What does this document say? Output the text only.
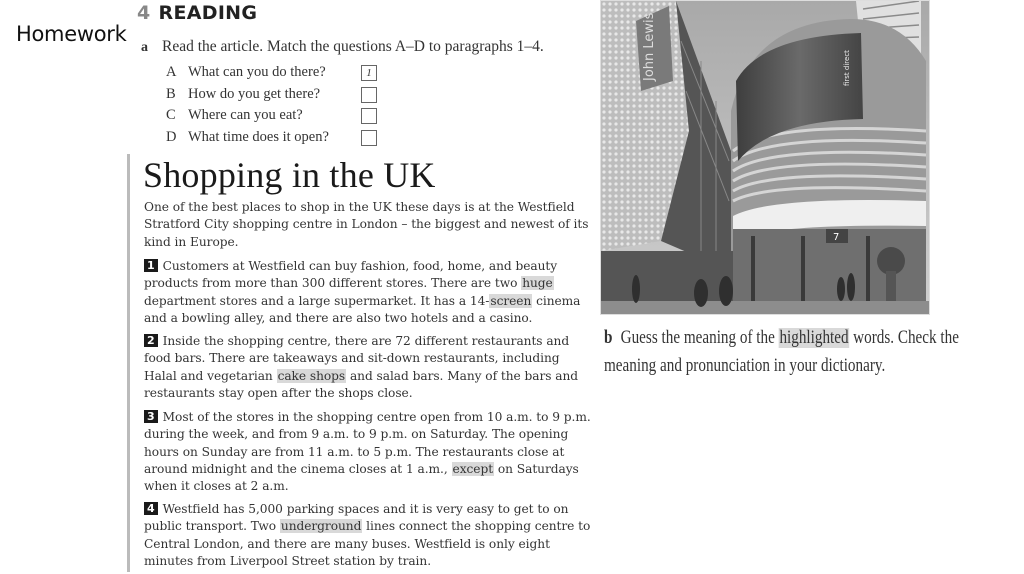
Homework
4 READING
a Read the article. Match the questions A–D to paragraphs 1–4.
A What can you do there?	1
B How do you get there?
C Where can you eat?
D What time does it open?
Shopping in the UK
One of the best places to shop in the UK these days is at the Westfield Stratford City shopping centre in London – the biggest and newest of its kind in Europe.
1 Customers at Westfield can buy fashion, food, home, and beauty products from more than 300 different stores. There are two huge department stores and a large supermarket. It has a 14-screen cinema and a bowling alley, and there are also two hotels and a casino.
2 Inside the shopping centre, there are 72 different restaurants and food bars. There are takeaways and sit-down restaurants, including Halal and vegetarian cake shops and salad bars. Many of the bars and restaurants stay open after the shops close.
3 Most of the stores in the shopping centre open from 10 a.m. to 9 p.m. during the week, and from 9 a.m. to 9 p.m. on Saturday. The opening hours on Sunday are from 11 a.m. to 5 p.m. The restaurants close at around midnight and the cinema closes at 1 a.m., except on Saturdays when it closes at 2 a.m.
4 Westfield has 5,000 parking spaces and it is very easy to get to on public transport. Two underground lines connect the shopping centre to Central London, and there are many buses. Westfield is only eight minutes from Liverpool Street station by train.
John Lewis	first direct
7
b Guess the meaning of the highlighted words. Check the meaning and pronunciation in your dictionary.
